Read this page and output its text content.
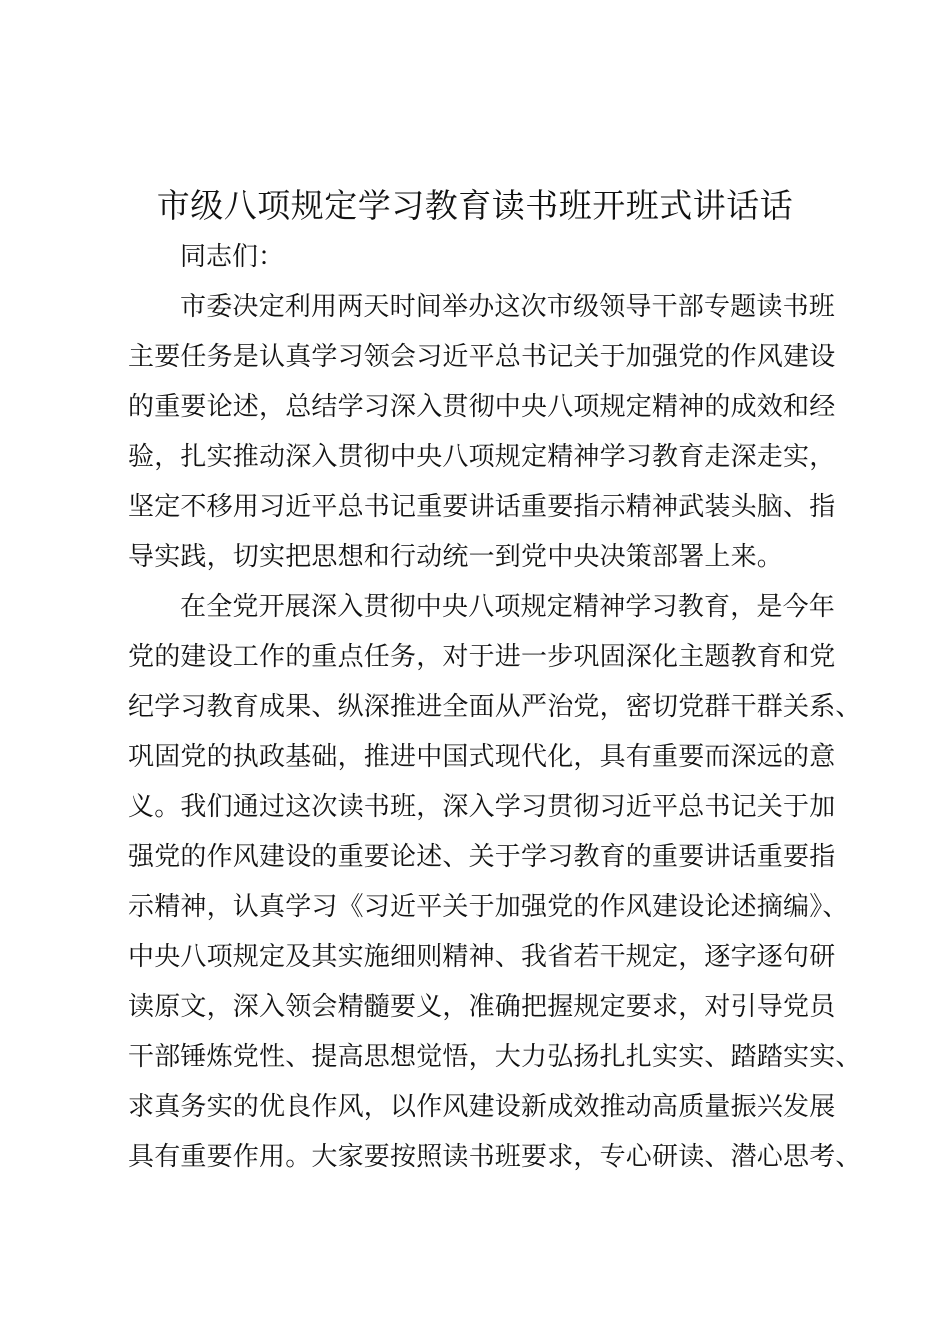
市级八项规定学习教育读书班开班式讲话话

同志们：

市委决定利用两天时间举办这次市级领导干部专题读书班
主要任务是认真学习领会习近平总书记关于加强党的作风建设
的重要论述，总结学习深入贯彻中央八项规定精神的成效和经
验，扎实推动深入贯彻中央八项规定精神学习教育走深走实，
坚定不移用习近平总书记重要讲话重要指示精神武装头脑、指
导实践，切实把思想和行动统一到党中央决策部署上来。

在全党开展深入贯彻中央八项规定精神学习教育，是今年
党的建设工作的重点任务，对于进一步巩固深化主题教育和党
纪学习教育成果、纵深推进全面从严治党，密切党群干群关系、
巩固党的执政基础，推进中国式现代化，具有重要而深远的意
义。我们通过这次读书班，深入学习贯彻习近平总书记关于加
强党的作风建设的重要论述、关于学习教育的重要讲话重要指
示精神，认真学习《习近平关于加强党的作风建设论述摘编》、
中央八项规定及其实施细则精神、我省若干规定，逐字逐句研
读原文，深入领会精髓要义，准确把握规定要求，对引导党员
干部锤炼党性、提高思想觉悟，大力弘扬扎扎实实、踏踏实实、
求真务实的优良作风，以作风建设新成效推动高质量振兴发展
具有重要作用。大家要按照读书班要求，专心研读、潜心思考、
